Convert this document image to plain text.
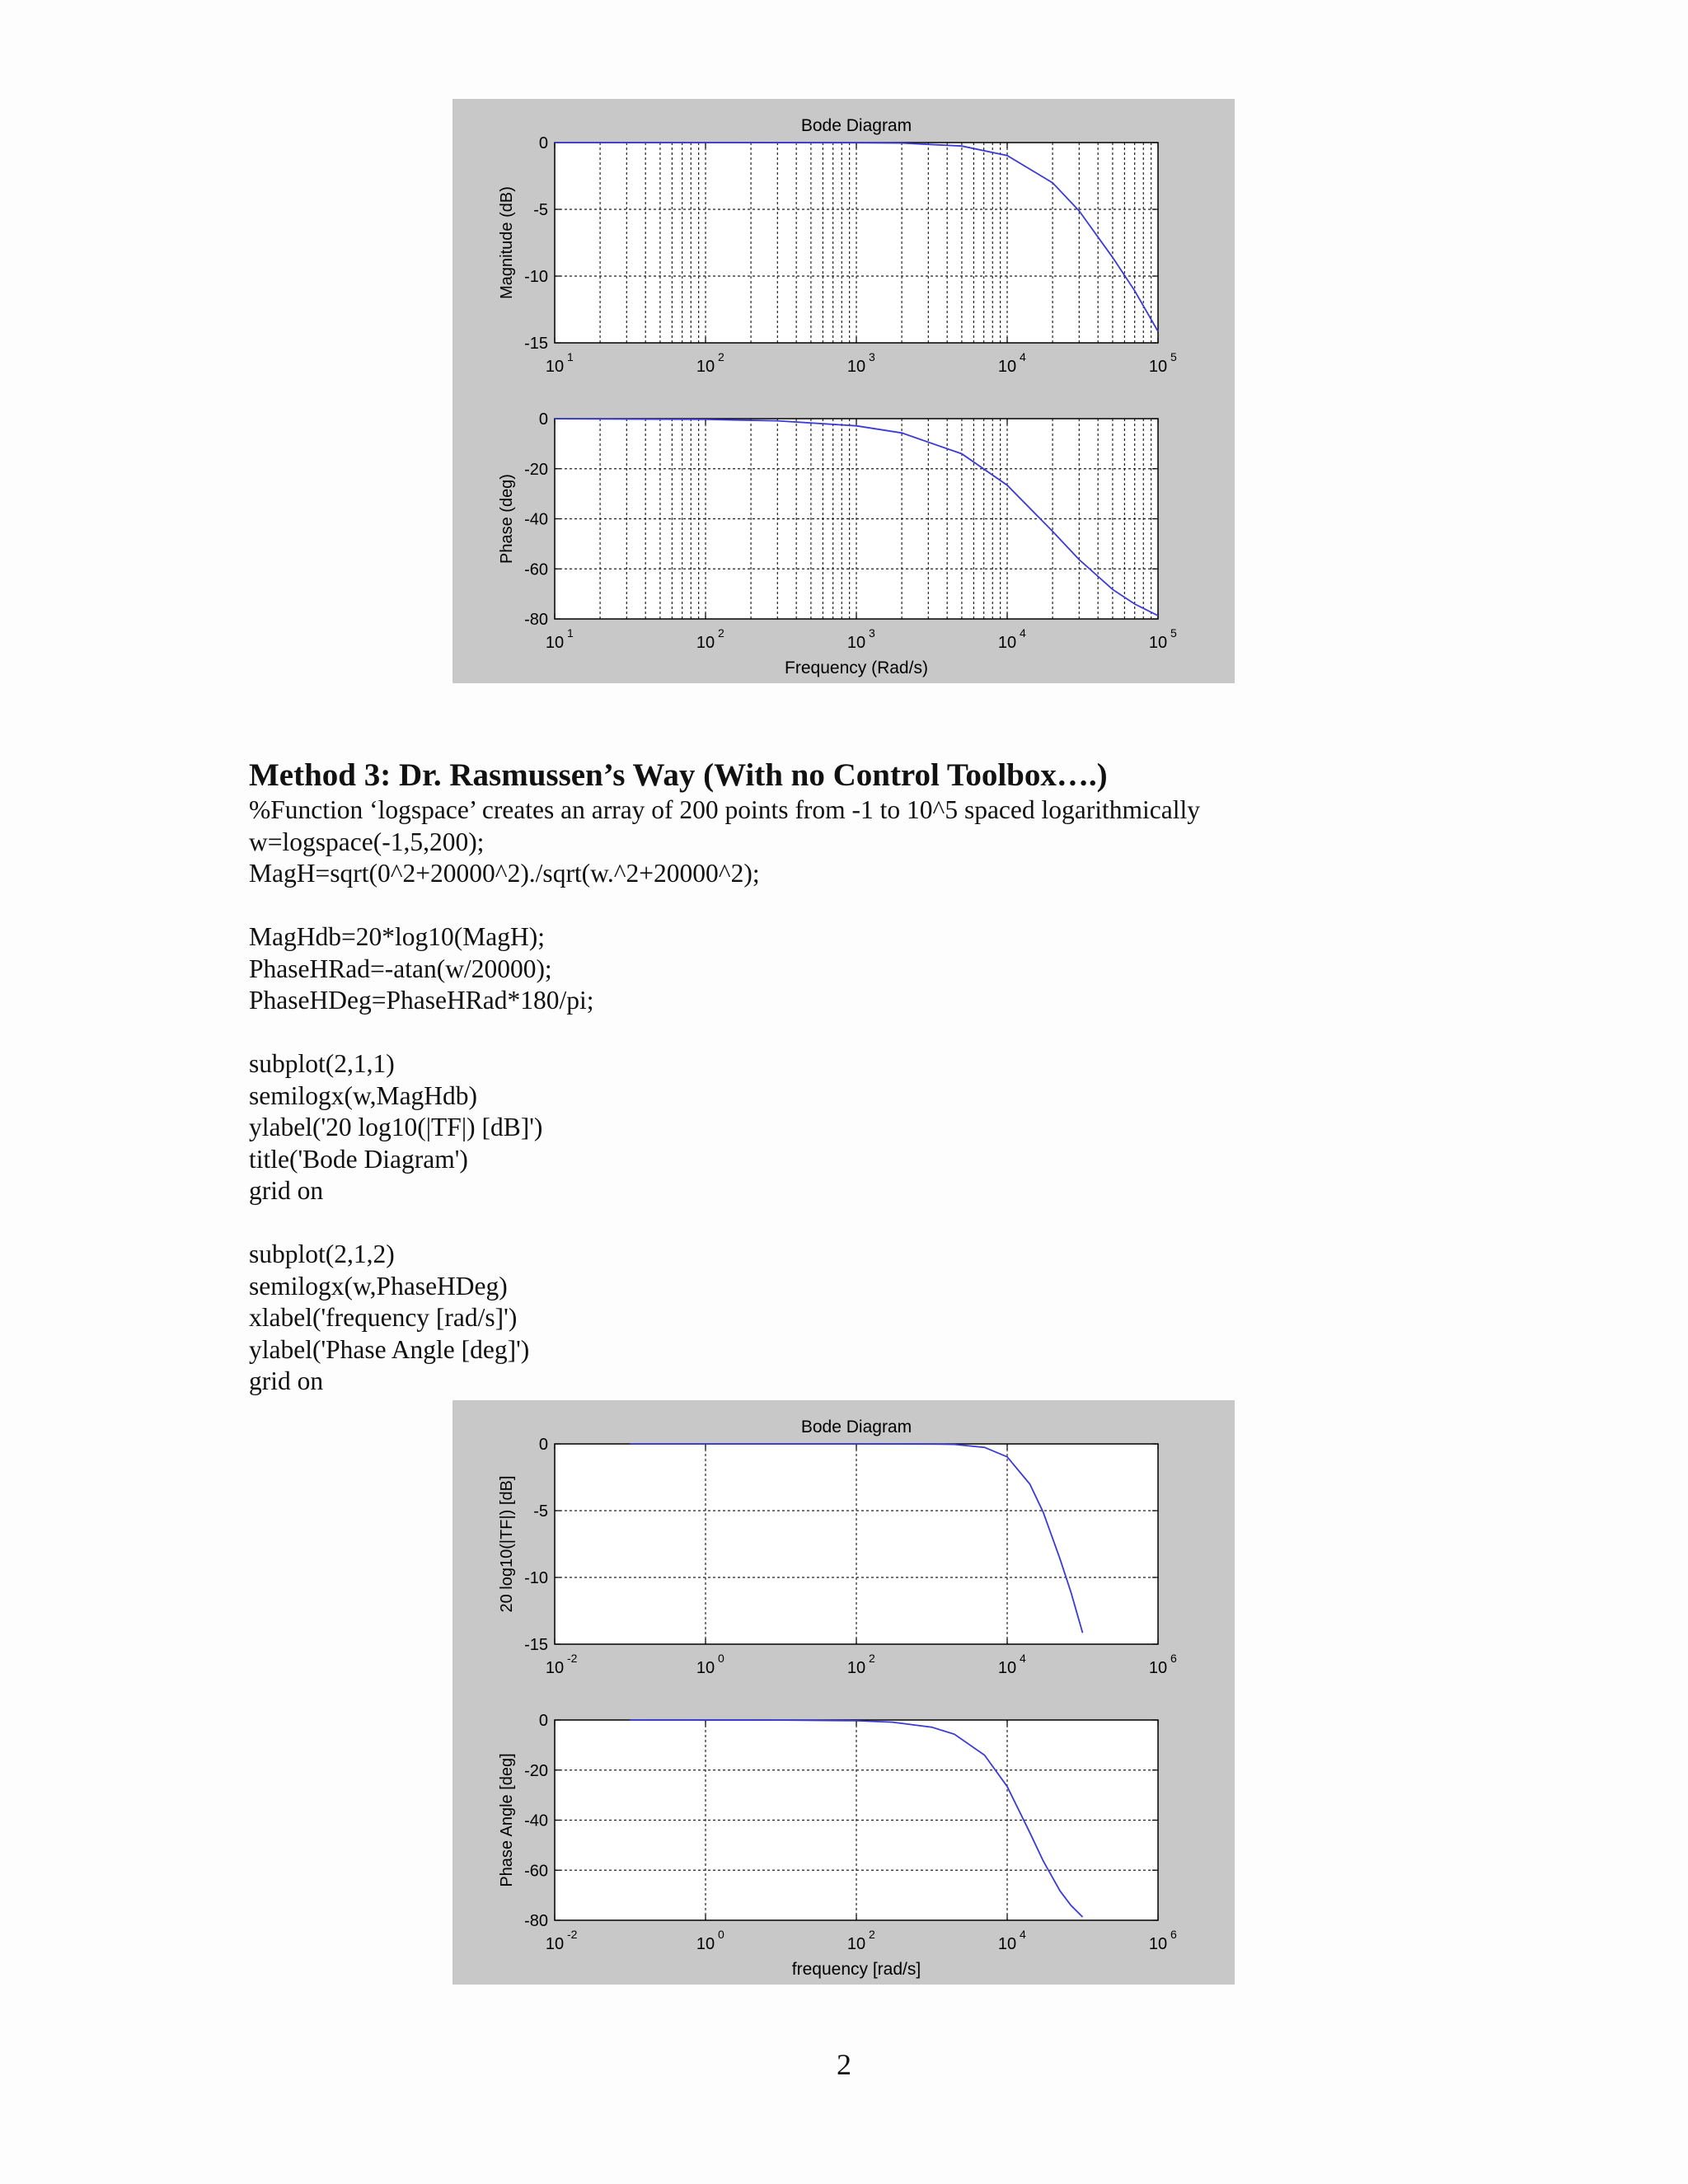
Bode Diagram
10
1
10
2
10
3
10
4
10
5
0
-5
-10
-15
Magnitude (dB)
10
1
10
2
10
3
10
4
10
5
0
-20
-40
-60
-80
Phase (deg)
Frequency (Rad/s)
Method 3: Dr. Rasmussen’s Way (With no Control Toolbox….)
%Function ‘logspace’ creates an array of 200 points from -1 to 10^5 spaced logarithmically
w=logspace(-1,5,200);
MagH=sqrt(0^2+20000^2)./sqrt(w.^2+20000^2);
MagHdb=20*log10(MagH);
PhaseHRad=-atan(w/20000);
PhaseHDeg=PhaseHRad*180/pi;
subplot(2,1,1)
semilogx(w,MagHdb)
ylabel('20 log10(|TF|) [dB]')
title('Bode Diagram')
grid on
subplot(2,1,2)
semilogx(w,PhaseHDeg)
xlabel('frequency [rad/s]')
ylabel('Phase Angle [deg]')
grid on
Bode Diagram
10
-2
10
0
10
2
10
4
10
6
0
-5
-10
-15
20 log10(|TF|) [dB]
10
-2
10
0
10
2
10
4
10
6
0
-20
-40
-60
-80
Phase Angle [deg]
frequency [rad/s]
2
